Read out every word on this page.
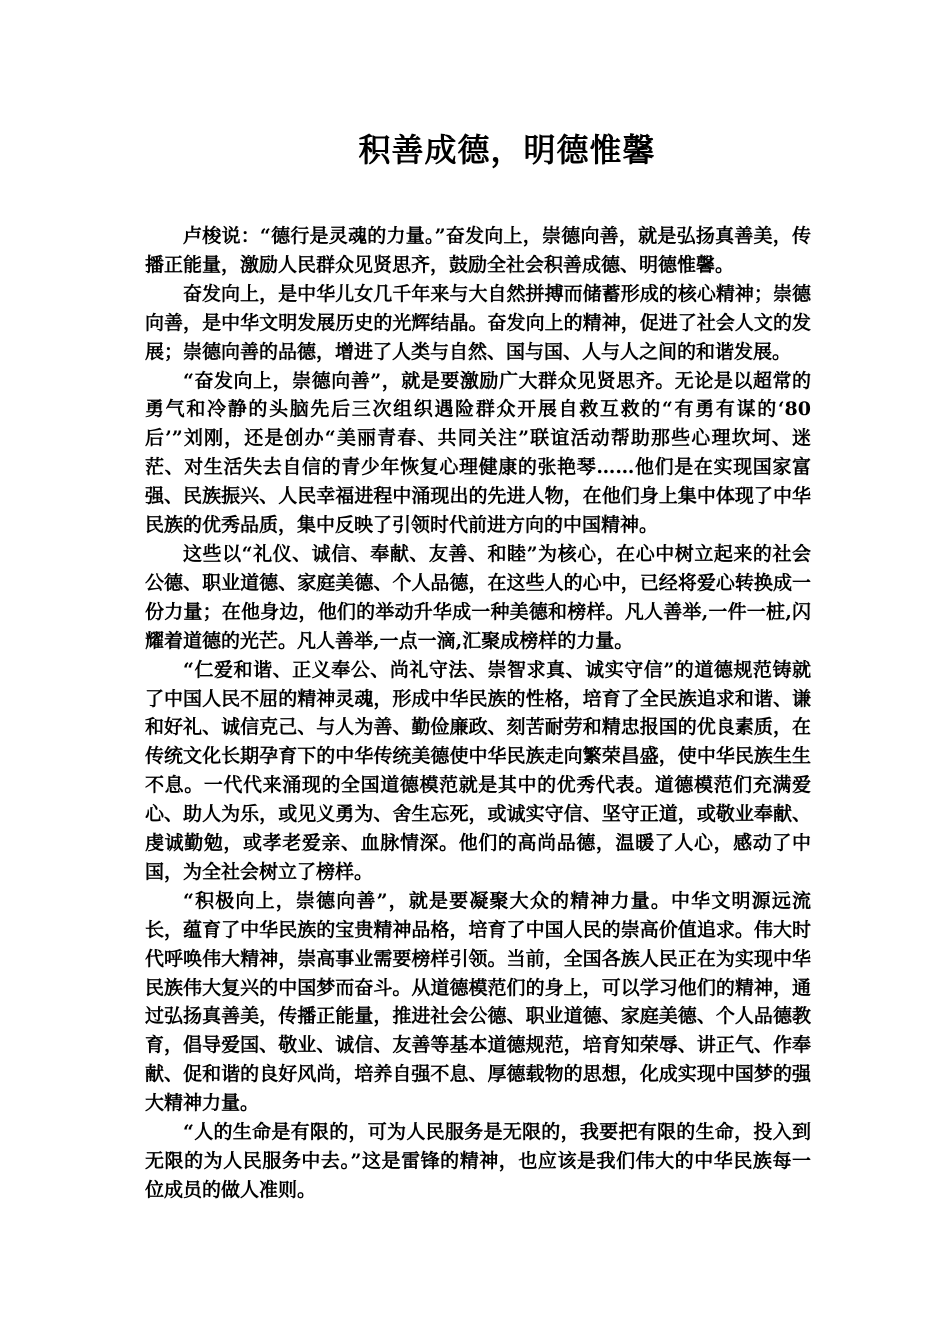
积善成德，明德惟馨

卢梭说：“德行是灵魂的力量。”奋发向上，崇德向善，就是弘扬真善美，传播正能量，激励人民群众见贤思齐，鼓励全社会积善成德、明德惟馨。

奋发向上，是中华儿女几千年来与大自然拼搏而储蓄形成的核心精神；崇德向善，是中华文明发展历史的光辉结晶。奋发向上的精神，促进了社会人文的发展；崇德向善的品德，增进了人类与自然、国与国、人与人之间的和谐发展。

“奋发向上，崇德向善”，就是要激励广大群众见贤思齐。无论是以超常的勇气和冷静的头脑先后三次组织遇险群众开展自救互救的“有勇有谋的‘80后’”刘刚，还是创办“美丽青春、共同关注”联谊活动帮助那些心理坎坷、迷茫、对生活失去自信的青少年恢复心理健康的张艳琴……他们是在实现国家富强、民族振兴、人民幸福进程中涌现出的先进人物，在他们身上集中体现了中华民族的优秀品质，集中反映了引领时代前进方向的中国精神。

这些以“礼仪、诚信、奉献、友善、和睦”为核心，在心中树立起来的社会公德、职业道德、家庭美德、个人品德，在这些人的心中，已经将爱心转换成一份力量；在他身边，他们的举动升华成一种美德和榜样。凡人善举,一件一桩,闪耀着道德的光芒。凡人善举,一点一滴,汇聚成榜样的力量。

“仁爱和谐、正义奉公、尚礼守法、崇智求真、诚实守信”的道德规范铸就了中国人民不屈的精神灵魂，形成中华民族的性格，培育了全民族追求和谐、谦和好礼、诚信克己、与人为善、勤俭廉政、刻苦耐劳和精忠报国的优良素质，在传统文化长期孕育下的中华传统美德使中华民族走向繁荣昌盛，使中华民族生生不息。一代代来涌现的全国道德模范就是其中的优秀代表。道德模范们充满爱心、助人为乐，或见义勇为、舍生忘死，或诚实守信、坚守正道，或敬业奉献、虔诚勤勉，或孝老爱亲、血脉情深。他们的高尚品德，温暖了人心，感动了中国，为全社会树立了榜样。

“积极向上，崇德向善”，就是要凝聚大众的精神力量。中华文明源远流长，蕴育了中华民族的宝贵精神品格，培育了中国人民的崇高价值追求。伟大时代呼唤伟大精神，崇高事业需要榜样引领。当前，全国各族人民正在为实现中华民族伟大复兴的中国梦而奋斗。从道德模范们的身上，可以学习他们的精神，通过弘扬真善美，传播正能量，推进社会公德、职业道德、家庭美德、个人品德教育，倡导爱国、敬业、诚信、友善等基本道德规范，培育知荣辱、讲正气、作奉献、促和谐的良好风尚，培养自强不息、厚德载物的思想，化成实现中国梦的强大精神力量。

“人的生命是有限的，可为人民服务是无限的，我要把有限的生命，投入到无限的为人民服务中去。”这是雷锋的精神，也应该是我们伟大的中华民族每一位成员的做人准则。
